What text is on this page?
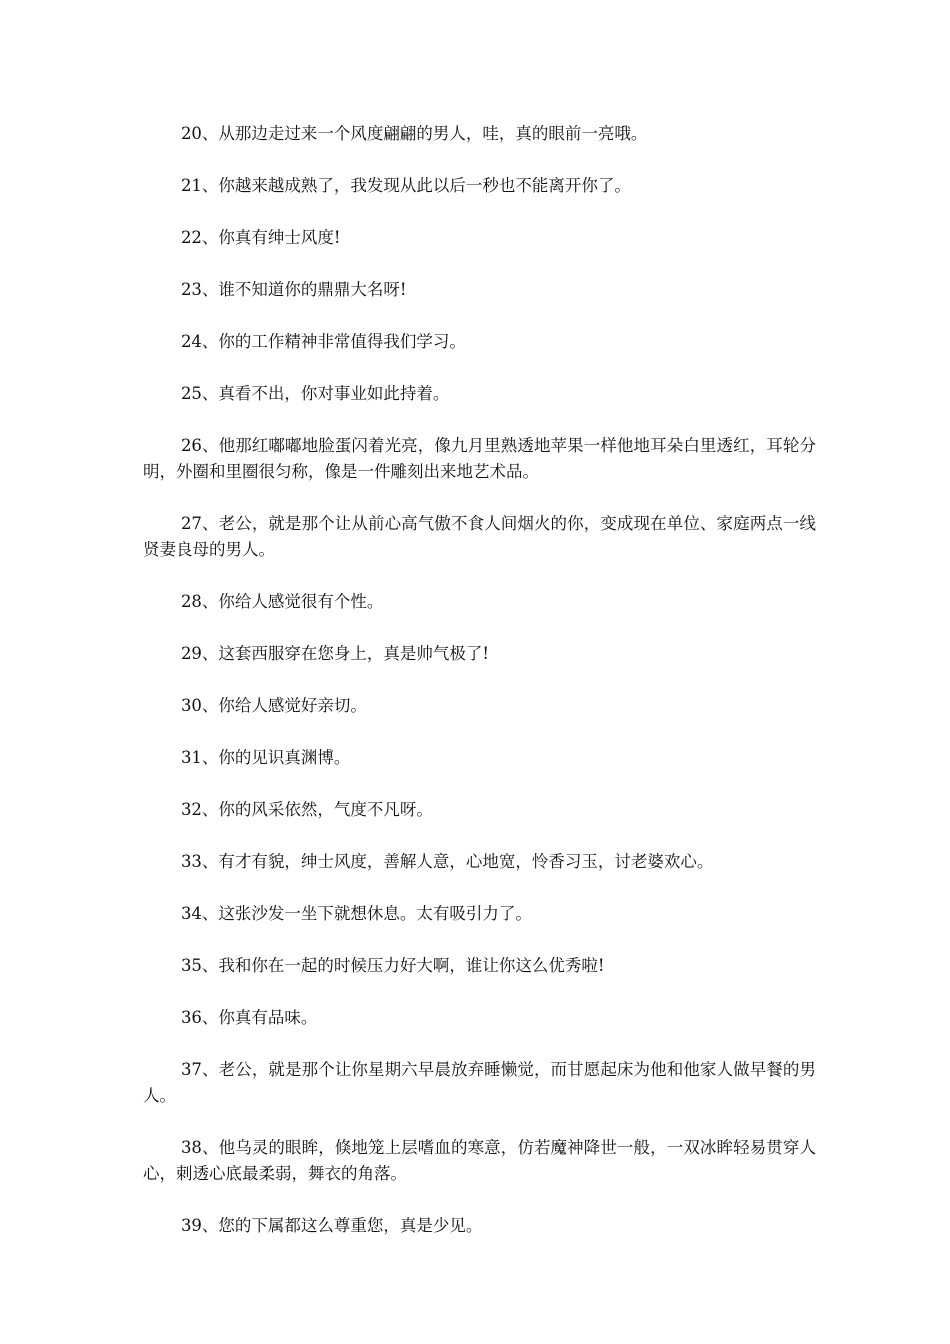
20、从那边走过来一个风度翩翩的男人，哇，真的眼前一亮哦。

21、你越来越成熟了，我发现从此以后一秒也不能离开你了。

22、你真有绅士风度!

23、谁不知道你的鼎鼎大名呀!

24、你的工作精神非常值得我们学习。

25、真看不出，你对事业如此持着。

26、他那红嘟嘟地脸蛋闪着光亮，像九月里熟透地苹果一样他地耳朵白里透红，耳轮分明，外圈和里圈很匀称，像是一件雕刻出来地艺术品。

27、老公，就是那个让从前心高气傲不食人间烟火的你，变成现在单位、家庭两点一线贤妻良母的男人。

28、你给人感觉很有个性。

29、这套西服穿在您身上，真是帅气极了!

30、你给人感觉好亲切。

31、你的见识真渊博。

32、你的风采依然，气度不凡呀。

33、有才有貌，绅士风度，善解人意，心地宽，怜香习玉，讨老婆欢心。

34、这张沙发一坐下就想休息。太有吸引力了。

35、我和你在一起的时候压力好大啊，谁让你这么优秀啦!

36、你真有品味。

37、老公，就是那个让你星期六早晨放弃睡懒觉，而甘愿起床为他和他家人做早餐的男人。

38、他乌灵的眼眸，倏地笼上层嗜血的寒意，仿若魔神降世一般，一双冰眸轻易贯穿人心，刺透心底最柔弱，舞衣的角落。

39、您的下属都这么尊重您，真是少见。
